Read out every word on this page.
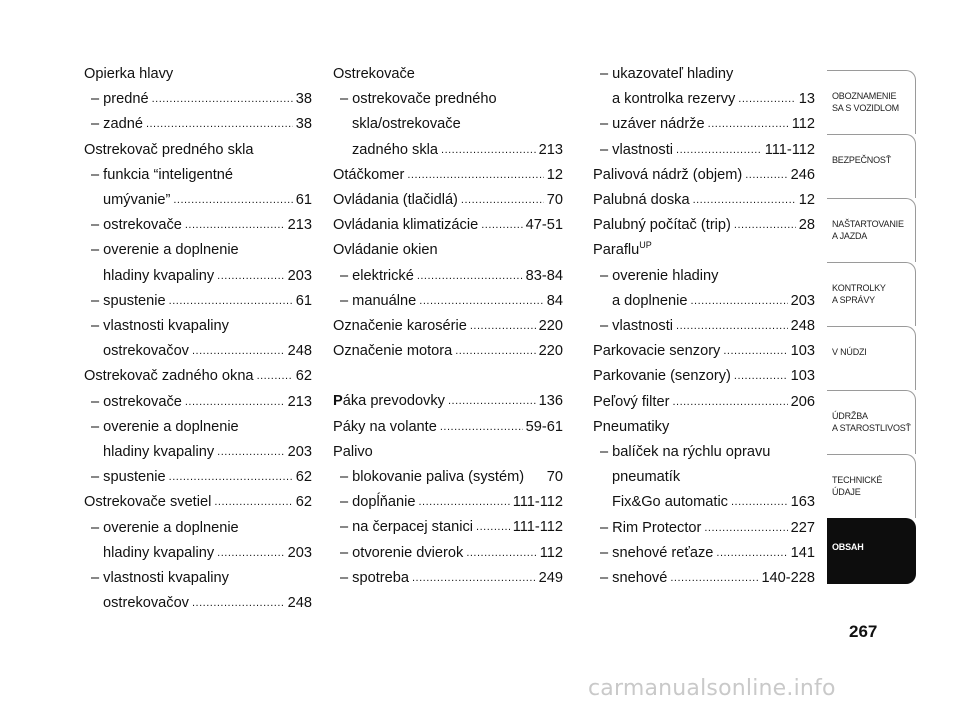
Opierka hlavy
– predné .....	38
– zadné .....	38
Ostrekovač predného skla
– funkcia “inteligentné
umývanie” .....	61
– ostrekovače .....	213
– overenie a doplnenie
hladiny kvapaliny .....	203
– spustenie .....	61
– vlastnosti kvapaliny
ostrekovačov .....	248
Ostrekovač zadného okna .....	62
– ostrekovače .....	213
– overenie a doplnenie
hladiny kvapaliny .....	203
– spustenie .....	62
Ostrekovače svetiel .....	62
– overenie a doplnenie
hladiny kvapaliny .....	203
– vlastnosti kvapaliny
ostrekovačov .....	248
Ostrekovače
– ostrekovače predného
skla/ostrekovače
zadného skla .....	213
Otáčkomer .....	12
Ovládania (tlačidlá) .....	70
Ovládania klimatizácie .....	47-51
Ovládanie okien
– elektrické .....	83-84
– manuálne .....	84
Označenie karosérie .....	220
Označenie motora .....	220
Páka prevodovky .....	136
Páky na volante .....	59-61
Palivo
– blokovanie paliva (systém) 70
– dopĺňanie .....	111-112
– na čerpacej stanici .....	111-112
– otvorenie dvierok .....	112
– spotreba .....	249
– ukazovateľ hladiny
a kontrolka rezervy .....	13
– uzáver nádrže .....	112
– vlastnosti .....	111-112
Palivová nádrž (objem) .....	246
Palubná doska .....	12
Palubný počítač (trip) .....	28
Paraflu UP
– overenie hladiny
a doplnenie .....	203
– vlastnosti .....	248
Parkovacie senzory .....	103
Parkovanie (senzory) .....	103
Peľový filter .....	206
Pneumatiky
– balíček na rýchlu opravu
pneumatík
Fix&Go automatic .....	163
– Rim Protector .....	227
– snehové reťaze .....	141
– snehové .....	140-228
OBOZNAMENIE
SA S VOZIDLOM
BEZPEČNOSŤ
NAŠTARTOVANIE
A JAZDA
KONTROLKY
A SPRÁVY
V NÚDZI
ÚDRŽBA
A STAROSTLIVOSŤ
TECHNICKÉ
ÚDAJE
OBSAH
267
carmanualsonline.info
